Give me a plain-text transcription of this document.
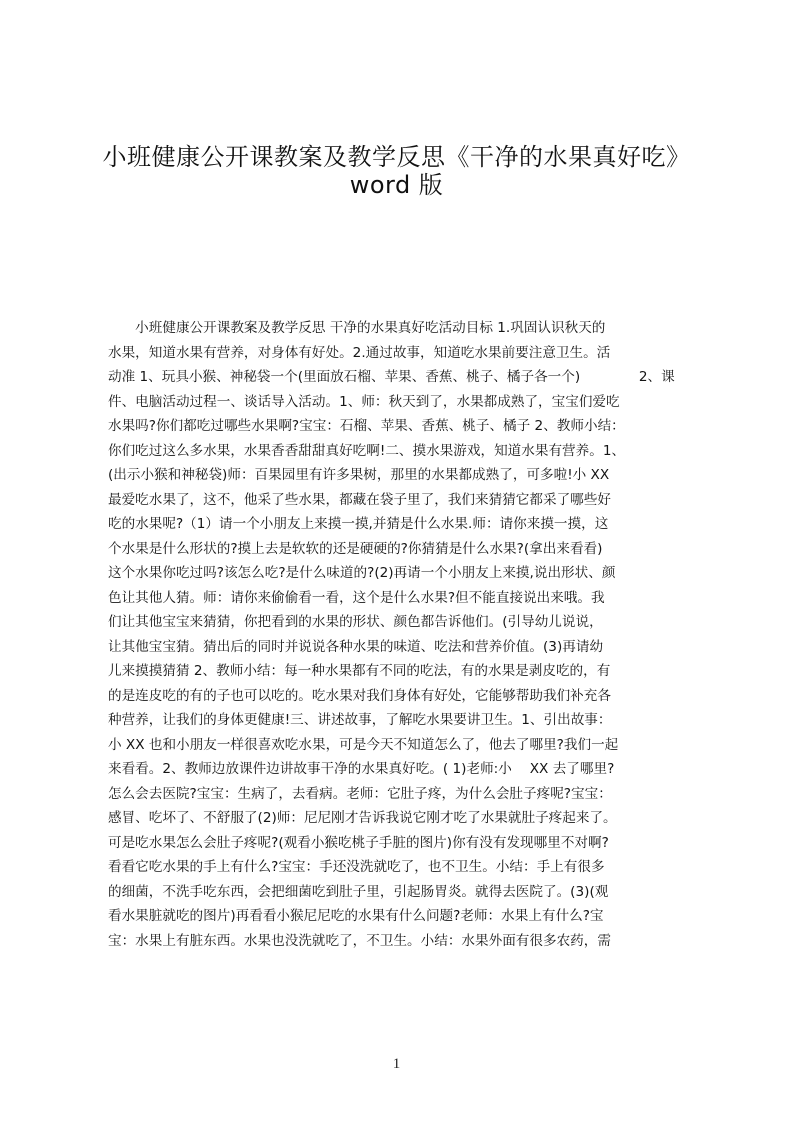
小班健康公开课教案及教学反思《干净的水果真好吃》
word 版
　　小班健康公开课教案及教学反思 干净的水果真好吃活动目标 1.巩固认识秋天的
水果，知道水果有营养，对身体有好处。2.通过故事，知道吃水果前要注意卫生。活
动准 1、玩具小猴、神秘袋一个(里面放石榴、苹果、香蕉、桃子、橘子各一个)　　　　 2、课
件、电脑活动过程一、谈话导入活动。1、师：秋天到了，水果都成熟了，宝宝们爱吃
水果吗?你们都吃过哪些水果啊?宝宝：石榴、苹果、香蕉、桃子、橘子 2、教师小结：
你们吃过这么多水果，水果香香甜甜真好吃啊!二、摸水果游戏，知道水果有营养。1、
(出示小猴和神秘袋)师：百果园里有许多果树，那里的水果都成熟了，可多啦!小 XX
最爱吃水果了，这不，他采了些水果，都藏在袋子里了，我们来猜猜它都采了哪些好
吃的水果呢?（1）请一个小朋友上来摸一摸,并猜是什么水果.师：请你来摸一摸，这
个水果是什么形状的?摸上去是软软的还是硬硬的?你猜猜是什么水果?(拿出来看看)
这个水果你吃过吗?该怎么吃?是什么味道的?(2)再请一个小朋友上来摸,说出形状、颜
色让其他人猜。师：请你来偷偷看一看，这个是什么水果?但不能直接说出来哦。我
们让其他宝宝来猜猜，你把看到的水果的形状、颜色都告诉他们。(引导幼儿说说，
让其他宝宝猜。猜出后的同时并说说各种水果的味道、吃法和营养价值。(3)再请幼
儿来摸摸猜猜 2、教师小结：每一种水果都有不同的吃法，有的水果是剥皮吃的，有
的是连皮吃的有的子也可以吃的。吃水果对我们身体有好处，它能够帮助我们补充各
种营养，让我们的身体更健康!三、讲述故事，了解吃水果要讲卫生。1、引出故事：
小 XX 也和小朋友一样很喜欢吃水果，可是今天不知道怎么了，他去了哪里?我们一起
来看看。2、教师边放课件边讲故事干净的水果真好吃。( 1)老师:小　 XX 去了哪里?
怎么会去医院?宝宝：生病了，去看病。老师：它肚子疼，为什么会肚子疼呢?宝宝：
感冒、吃坏了、不舒服了(2)师：尼尼刚才告诉我说它刚才吃了水果就肚子疼起来了。
可是吃水果怎么会肚子疼呢?(观看小猴吃桃子手脏的图片)你有没有发现哪里不对啊?
看看它吃水果的手上有什么?宝宝：手还没洗就吃了，也不卫生。小结：手上有很多
的细菌，不洗手吃东西，会把细菌吃到肚子里，引起肠胃炎。就得去医院了。(3)(观
看水果脏就吃的图片)再看看小猴尼尼吃的水果有什么问题?老师：水果上有什么?宝
宝：水果上有脏东西。水果也没洗就吃了，不卫生。小结：水果外面有很多农药，需
1
